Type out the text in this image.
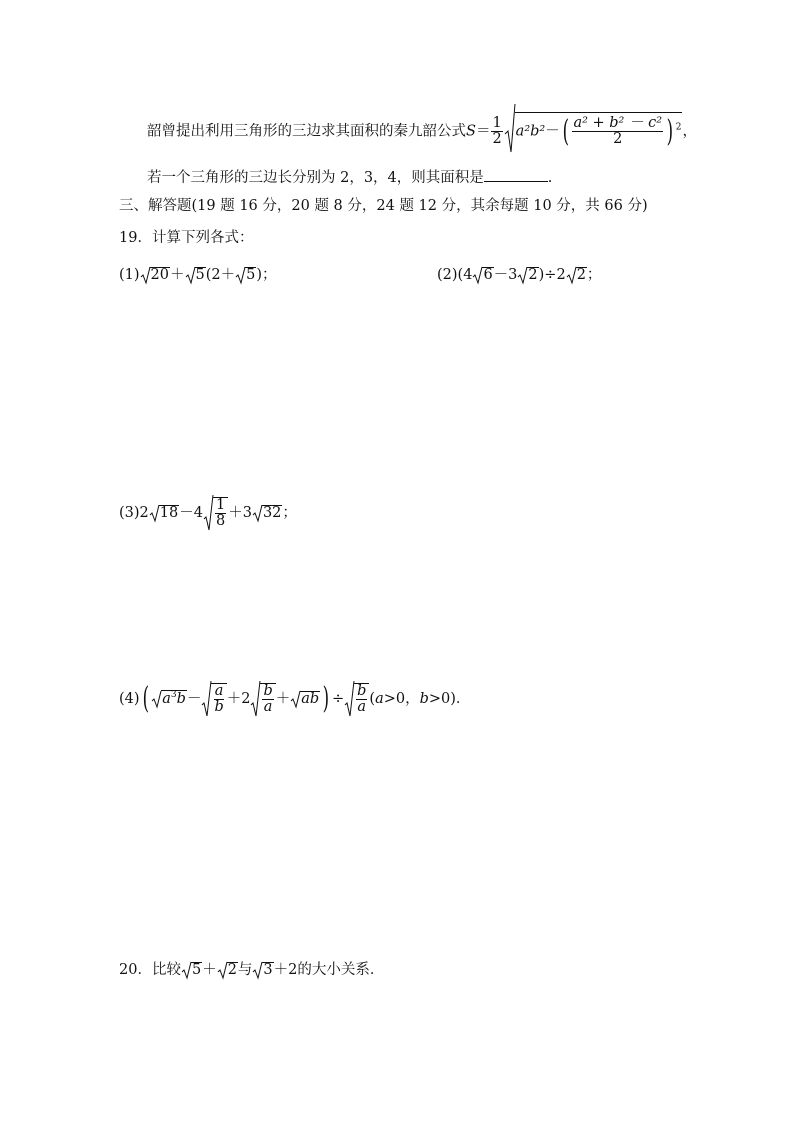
韶曾提出利用三角形的三边求其面积的秦九韶公式$S= \frac{1}{2} a^2b^2-( \frac{\text{a² + b² － c²}}{2}$ ) $^2$，
若一个三角形的三边长分别为 2，3，4，则其面积是	.
三、解答题(19 题 16 分，20 题 8 分，24 题 12 分，其余每题 10 分，共 66 分)
19．计算下列各式：
(1) 20＋ 5(2＋ 5)；	(2)(4 6－3 2)÷2 2；
(3)2 $18-4 \frac{1}{8} +3$ 32；
(4)( $a^3b- \frac{a}{b} +2 \frac{b}{a}$ ＋ ab ) ÷ $\frac{b}{a} (a>0$，b>0)．
20．比较 5＋ 2与 3＋2的大小关系．
